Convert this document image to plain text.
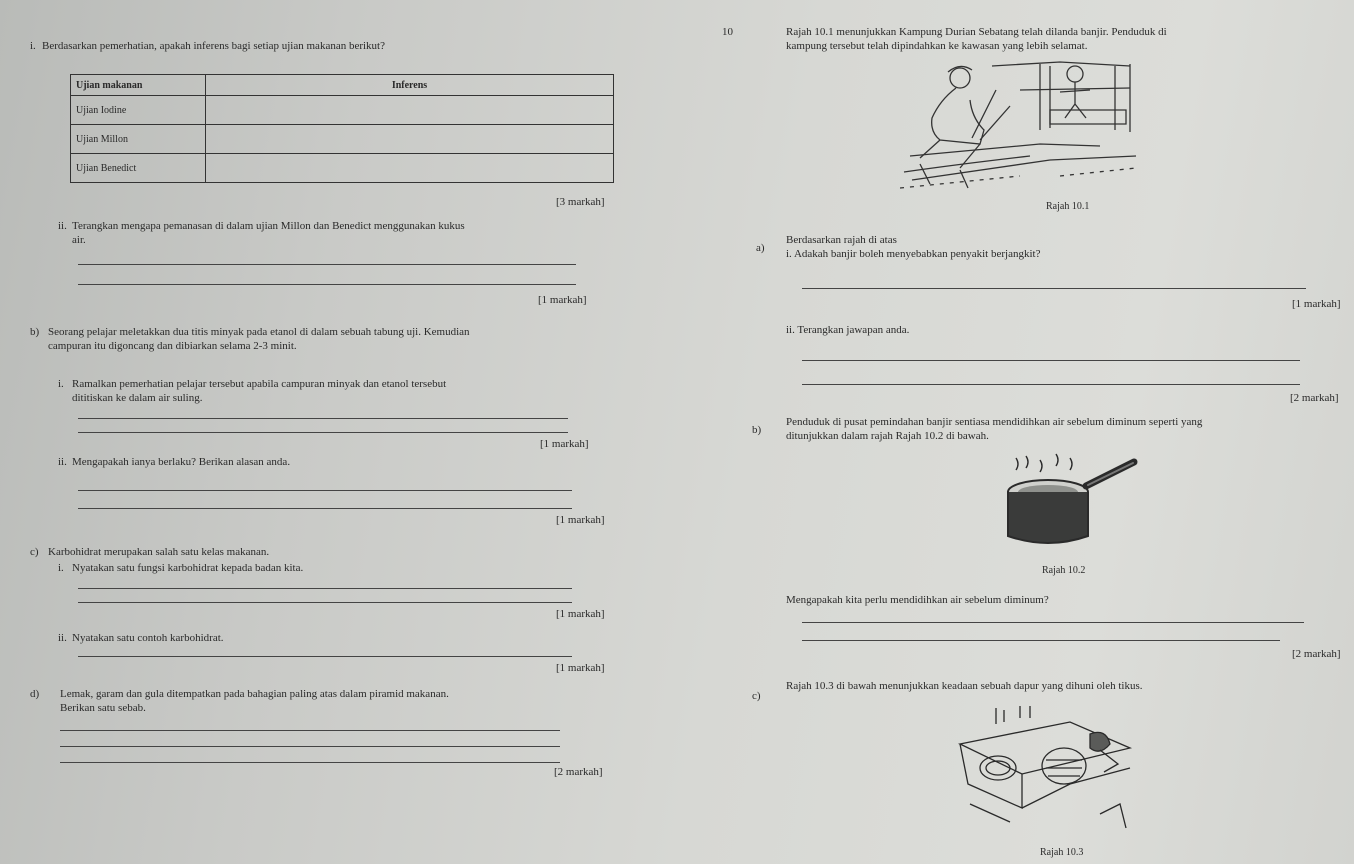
i. Berdasarkan pemerhatian, apakah inferens bagi setiap ujian makanan berikut?
Ujian makanan	Inferens
Ujian Iodine	
Ujian Millon	
Ujian Benedict	
[3 markah]
ii. Terangkan mengapa pemanasan di dalam ujian Millon dan Benedict menggunakan kukus
air.
[1 markah]
b) Seorang pelajar meletakkan dua titis minyak pada etanol di dalam sebuah tabung uji. Kemudian
campuran itu digoncang dan dibiarkan selama 2-3 minit.
i. Ramalkan pemerhatian pelajar tersebut apabila campuran minyak dan etanol tersebut
dititiskan ke dalam air suling.
[1 markah]
ii. Mengapakah ianya berlaku? Berikan alasan anda.
[1 markah]
c) Karbohidrat merupakan salah satu kelas makanan.
i. Nyatakan satu fungsi karbohidrat kepada badan kita.
[1 markah]
ii. Nyatakan satu contoh karbohidrat.
[1 markah]
d) Lemak, garam dan gula ditempatkan pada bahagian paling atas dalam piramid makanan.
Berikan satu sebab.
[2 markah]
10	Rajah 10.1 menunjukkan Kampung Durian Sebatang telah dilanda banjir. Penduduk di
kampung tersebut telah dipindahkan ke kawasan yang lebih selamat.
Rajah 10.1
a)
Berdasarkan rajah di atas
i. Adakah banjir boleh menyebabkan penyakit berjangkit?
[1 markah]
ii. Terangkan jawapan anda.
[2 markah]
b)
Penduduk di pusat pemindahan banjir sentiasa mendidihkan air sebelum diminum seperti yang
ditunjukkan dalam rajah Rajah 10.2 di bawah.
Rajah 10.2
Mengapakah kita perlu mendidihkan air sebelum diminum?
[2 markah]
c)
Rajah 10.3 di bawah menunjukkan keadaan sebuah dapur yang dihuni oleh tikus.
Rajah 10.3
